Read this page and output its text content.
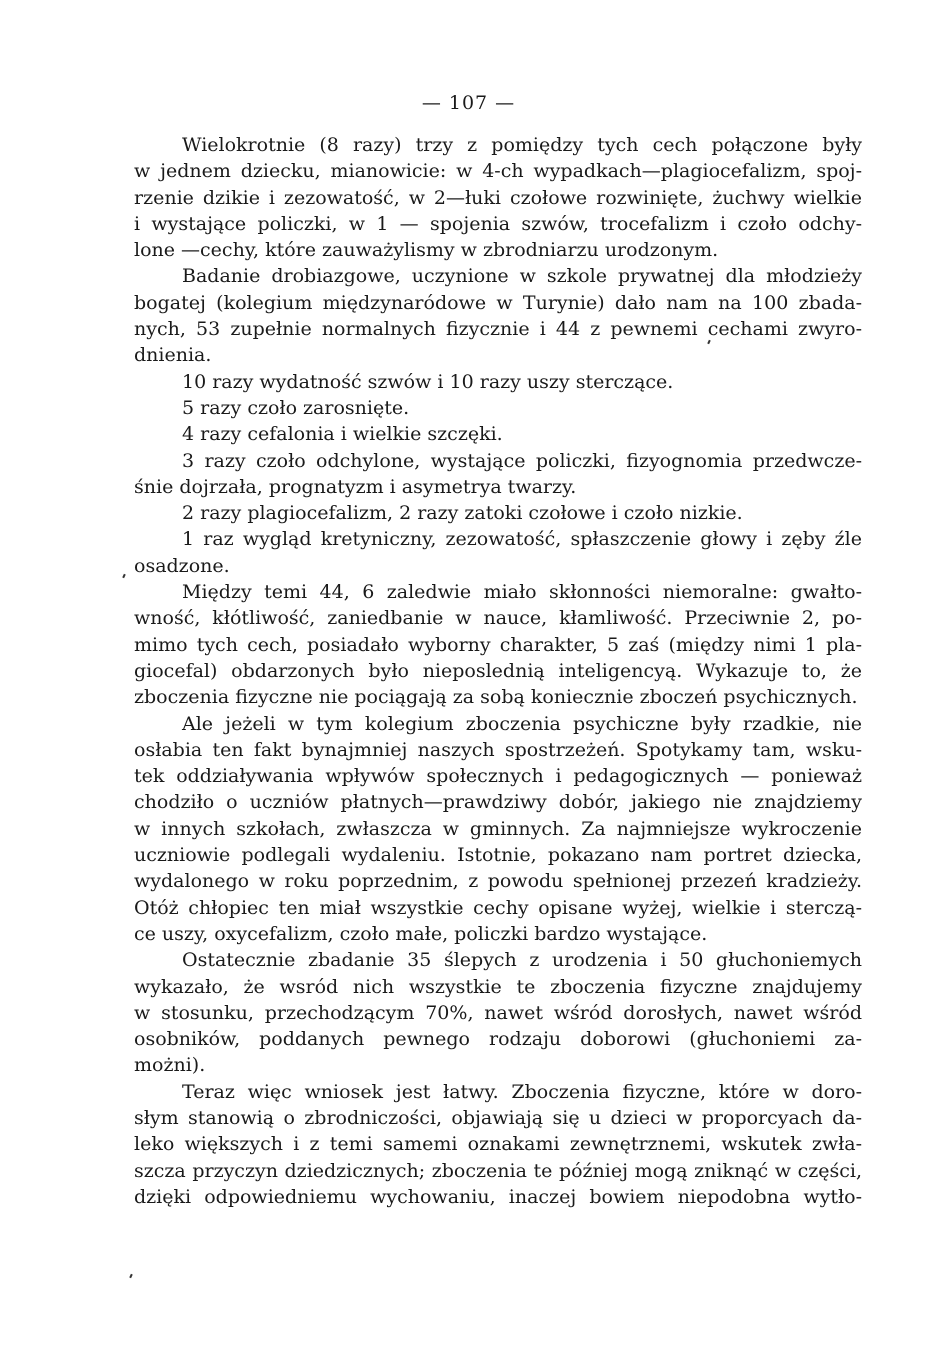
— 107 —
Wielokrotnie (8 razy) trzy z pomiędzy tych cech połączone były
w jednem dziecku, mianowicie: w 4-ch wypadkach—plagiocefalizm, spoj-
rzenie dzikie i zezowatość, w 2—łuki czołowe rozwinięte, żuchwy wielkie
i wystające policzki, w 1 — spojenia szwów, trocefalizm i czoło odchy-
lone —cechy, które zauważylismy w zbrodniarzu urodzonym.
Badanie drobiazgowe, uczynione w szkole prywatnej dla młodzieży
bogatej (kolegium międzynaródowe w Turynie) dało nam na 100 zbada-
nych, 53 zupełnie normalnych fizycznie i 44 z pewnemi cechami zwyro-
dnienia.
10 razy wydatność szwów i 10 razy uszy sterczące.
5 razy czoło zarosnięte.
4 razy cefalonia i wielkie szczęki.
3 razy czoło odchylone, wystające policzki, fizyognomia przedwcze-
śnie dojrzała, prognatyzm i asymetrya twarzy.
2 razy plagiocefalizm, 2 razy zatoki czołowe i czoło nizkie.
1 raz wygląd kretyniczny, zezowatość, spłaszczenie głowy i zęby źle
osadzone.
Między temi 44, 6 zaledwie miało skłonności niemoralne: gwałto-
wność, kłótliwość, zaniedbanie w nauce, kłamliwość. Przeciwnie 2, po-
mimo tych cech, posiadało wyborny charakter, 5 zaś (między nimi 1 pla-
giocefal) obdarzonych było nieposlednią inteligencyą. Wykazuje to, że
zboczenia fizyczne nie pociągają za sobą koniecznie zboczeń psychicznych.
Ale jeżeli w tym kolegium zboczenia psychiczne były rzadkie, nie
osłabia ten fakt bynajmniej naszych spostrzeżeń. Spotykamy tam, wsku-
tek oddziaływania wpływów społecznych i pedagogicznych — ponieważ
chodziło o uczniów płatnych—prawdziwy dobór, jakiego nie znajdziemy
w innych szkołach, zwłaszcza w gminnych. Za najmniejsze wykroczenie
uczniowie podlegali wydaleniu. Istotnie, pokazano nam portret dziecka,
wydalonego w roku poprzednim, z powodu spełnionej przezeń kradzieży.
Otóż chłopiec ten miał wszystkie cechy opisane wyżej, wielkie i sterczą-
ce uszy, oxycefalizm, czoło małe, policzki bardzo wystające.
Ostatecznie zbadanie 35 ślepych z urodzenia i 50 głuchoniemych
wykazało, że wsród nich wszystkie te zboczenia fizyczne znajdujemy
w stosunku, przechodzącym 70%, nawet wśród dorosłych, nawet wśród
osobników, poddanych pewnego rodzaju doborowi (głuchoniemi za-
możni).
Teraz więc wniosek jest łatwy. Zboczenia fizyczne, które w doro-
słym stanowią o zbrodniczości, objawiają się u dzieci w proporcyach da-
leko większych i z temi samemi oznakami zewnętrznemi, wskutek zwła-
szcza przyczyn dziedzicznych; zboczenia te później mogą zniknąć w części,
dzięki odpowiedniemu wychowaniu, inaczej bowiem niepodobna wytło-
